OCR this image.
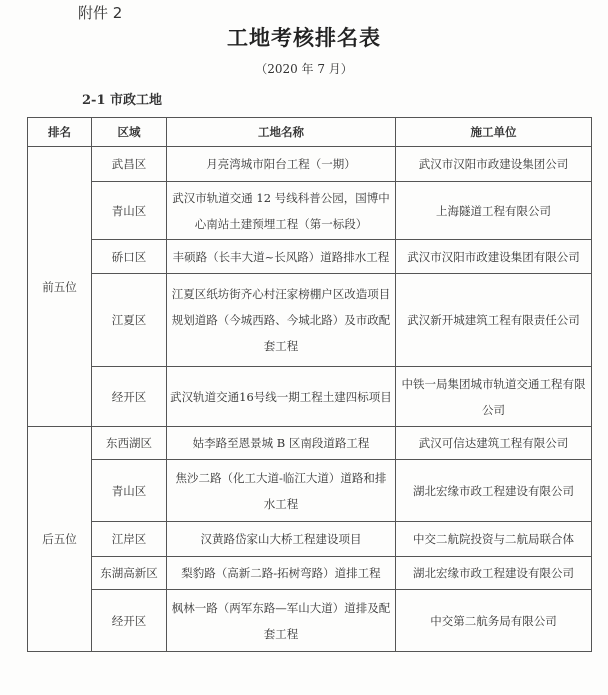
附件 2
工地考核排名表
（2020 年 7 月）
2-1 市政工地
排名	区域	工地名称	施工单位
前五位	武昌区	月亮湾城市阳台工程（一期）	武汉市汉阳市政建设集团公司
	青山区	武汉市轨道交通 12 号线科普公园，国博中心南站土建预埋工程（第一标段）	上海隧道工程有限公司
	硚口区	丰硕路（长丰大道~长风路）道路排水工程	武汉市汉阳市政建设集团有限公司
	江夏区	江夏区纸坊街齐心村汪家榜棚户区改造项目规划道路（今城西路、今城北路）及市政配套工程	武汉新开城建筑工程有限责任公司
	经开区	武汉轨道交通16号线一期工程土建四标项目	中铁一局集团城市轨道交通工程有限公司
后五位	东西湖区	姑李路至恩景城 B 区南段道路工程	武汉可信达建筑工程有限公司
	青山区	焦沙二路（化工大道-临江大道）道路和排水工程	湖北宏缘市政工程建设有限公司
	江岸区	汉黄路岱家山大桥工程建设项目	中交二航院投资与二航局联合体
	东湖高新区	梨豹路（高新二路-拓树弯路）道排工程	湖北宏缘市政工程建设有限公司
	经开区	枫林一路（两军东路—军山大道）道排及配套工程	中交第二航务局有限公司
